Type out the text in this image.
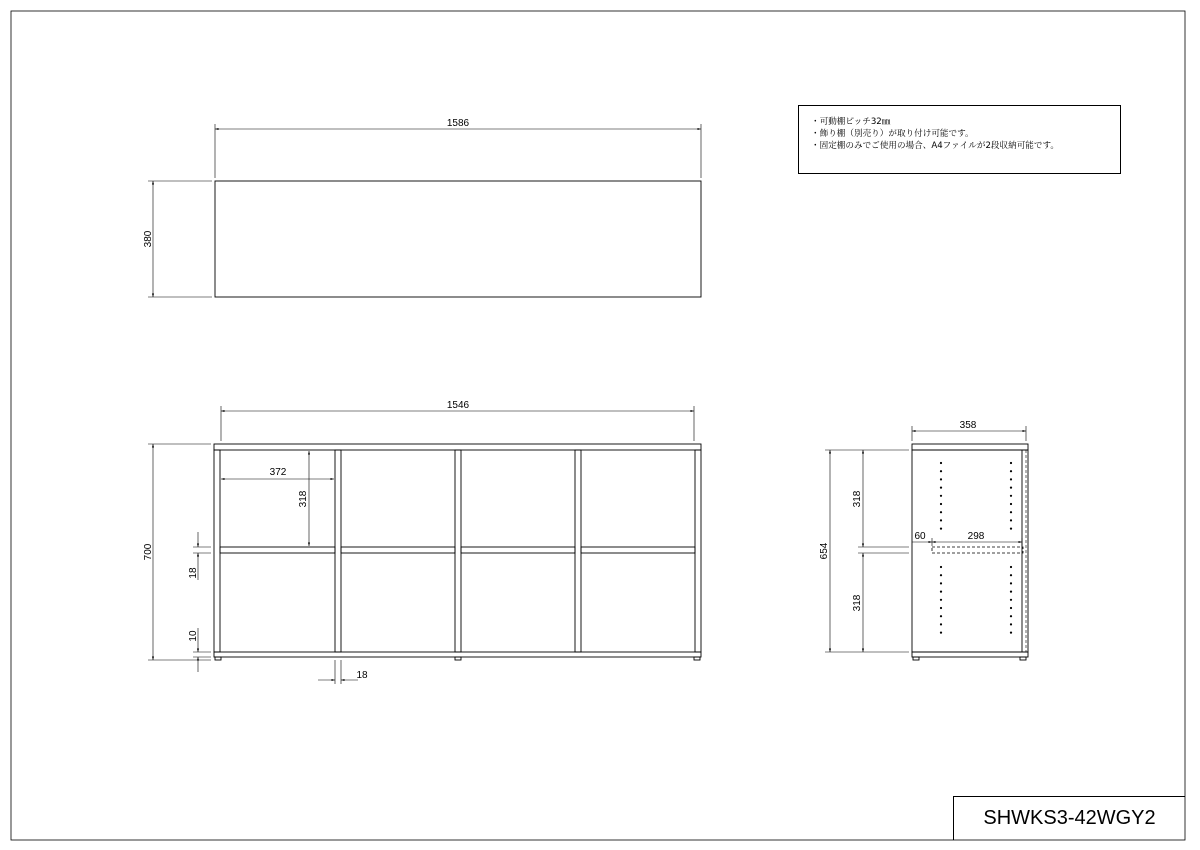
1586
380
1546
700
372
318
18
10
18
358
654
318
318
60	298
・可動棚ピッチ32㎜
・飾り棚（別売り）が取り付け可能です。
・固定棚のみでご使用の場合、A4ファイルが2段収納可能です。
SHWKS3-42WGY2
